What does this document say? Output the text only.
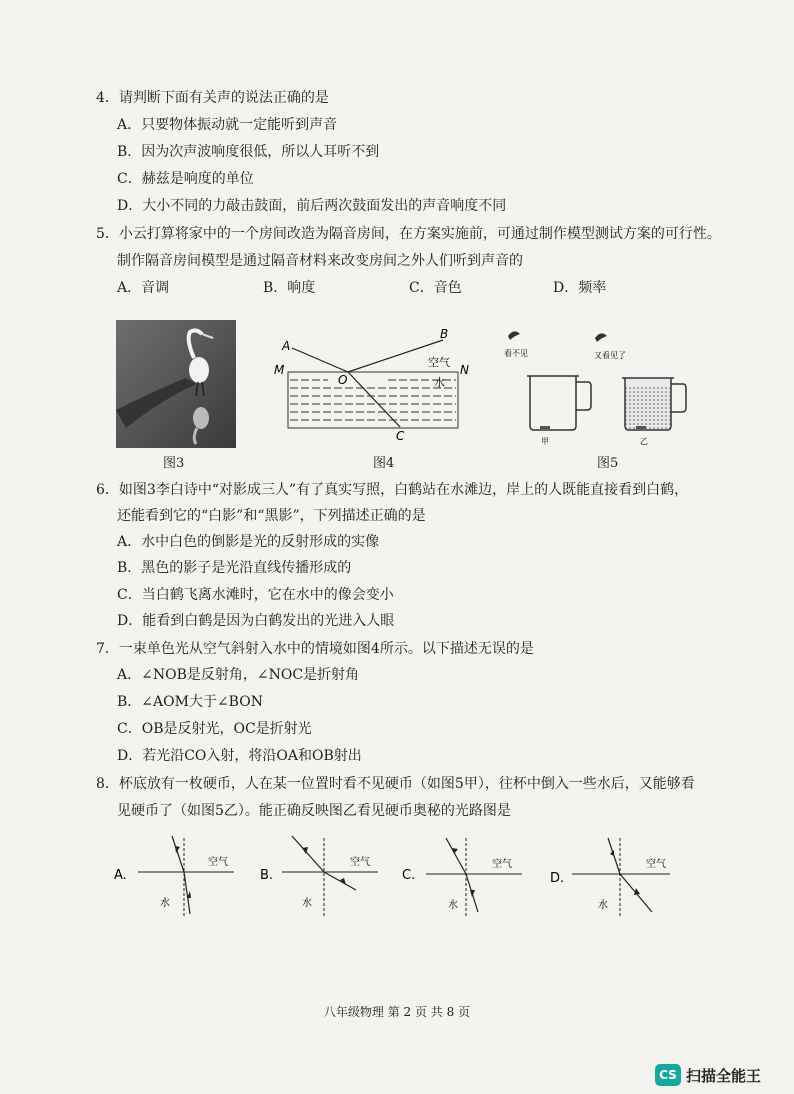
4．请判断下面有关声的说法正确的是
A．只要物体振动就一定能听到声音
B．因为次声波响度很低，所以人耳听不到
C．赫兹是响度的单位
D．大小不同的力敲击鼓面，前后两次鼓面发出的声音响度不同
5．小云打算将家中的一个房间改造为隔音房间，在方案实施前，可通过制作模型测试方案的可行性。
制作隔音房间模型是通过隔音材料来改变房间之外人们听到声音的
A．音调	B．响度	C．音色	D．频率
图3
A
B
M	N
O
C
空气
水
图4
看不见	又看见了
甲	乙
图5
6．如图3李白诗中“对影成三人”有了真实写照，白鹤站在水滩边，岸上的人既能直接看到白鹤，
还能看到它的“白影”和“黑影”，下列描述正确的是
A．水中白色的倒影是光的反射形成的实像
B．黑色的影子是光沿直线传播形成的
C．当白鹤飞离水滩时，它在水中的像会变小
D．能看到白鹤是因为白鹤发出的光进入人眼
7．一束单色光从空气斜射入水中的情境如图4所示。以下描述无误的是
A．∠NOB是反射角，∠NOC是折射角
B．∠AOM大于∠BON
C．OB是反射光，OC是折射光
D．若光沿CO入射，将沿OA和OB射出
8．杯底放有一枚硬币，人在某一位置时看不见硬币（如图5甲），往杯中倒入一些水后，又能够看
见硬币了（如图5乙）。能正确反映图乙看见硬币奥秘的光路图是
A.
空气
水
B.
空气
水
C.
空气
水
D.
空气
水
八年级物理 第 2 页 共 8 页
CS 扫描全能王
